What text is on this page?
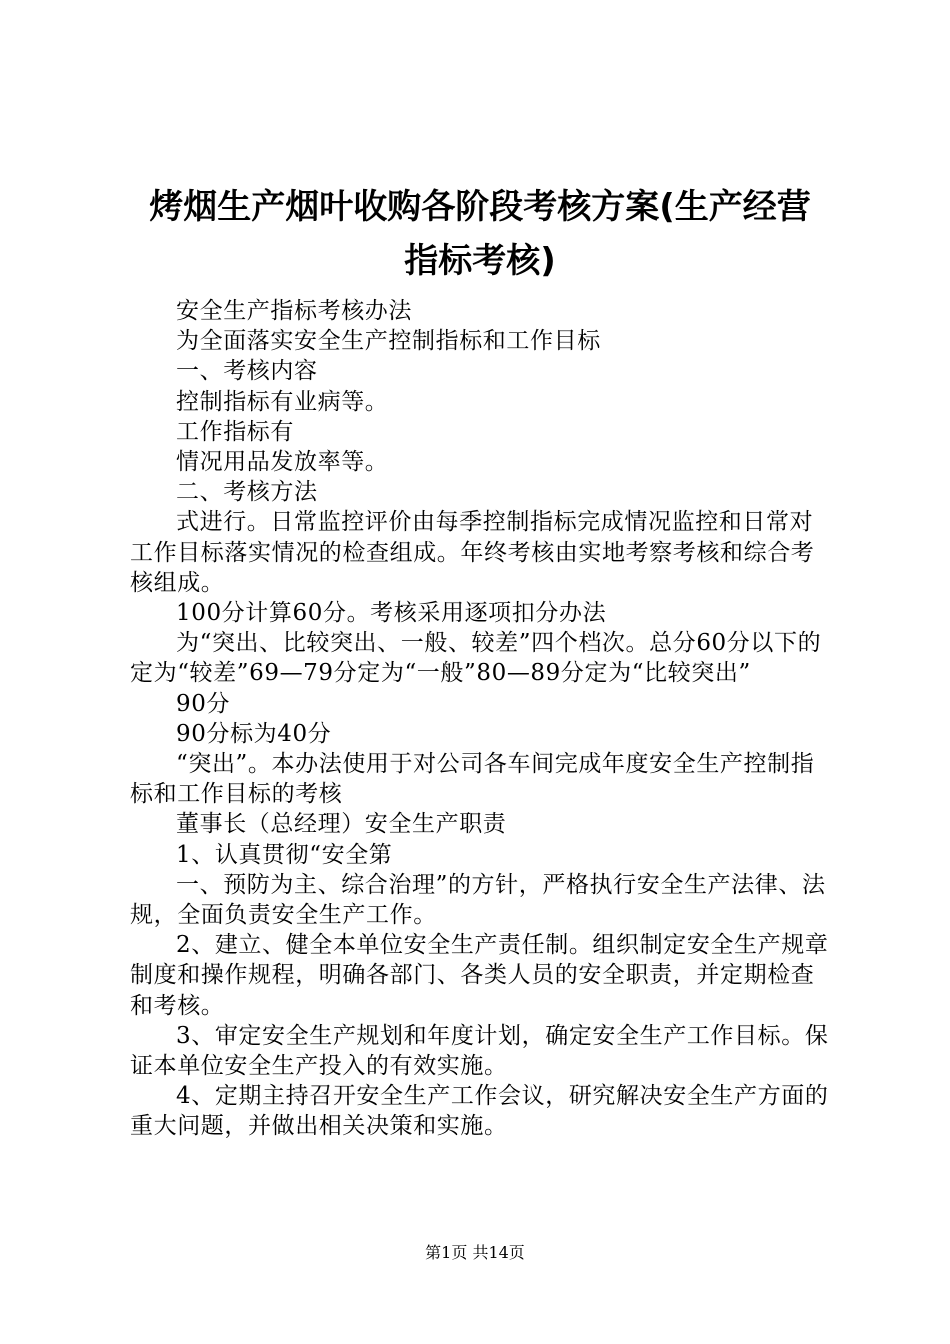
烤烟生产烟叶收购各阶段考核方案(生产经营
指标考核)

安全生产指标考核办法

为全面落实安全生产控制指标和工作目标

一、考核内容

控制指标有业病等。

工作指标有

情况用品发放率等。

二、考核方法

式进行。日常监控评价由每季控制指标完成情况监控和日常对工作目标落实情况的检查组成。年终考核由实地考察考核和综合考核组成。

100分计算60分。考核采用逐项扣分办法

为“突出、比较突出、一般、较差”四个档次。总分60分以下的定为“较差”69—79分定为“一般”80—89分定为“比较突出”

90分

90分标为40分

“突出”。本办法使用于对公司各车间完成年度安全生产控制指标和工作目标的考核

董事长（总经理）安全生产职责

1、认真贯彻“安全第

一、预防为主、综合治理”的方针，严格执行安全生产法律、法规，全面负责安全生产工作。

2、建立、健全本单位安全生产责任制。组织制定安全生产规章制度和操作规程，明确各部门、各类人员的安全职责，并定期检查和考核。

3、审定安全生产规划和年度计划，确定安全生产工作目标。保证本单位安全生产投入的有效实施。

4、定期主持召开安全生产工作会议，研究解决安全生产方面的重大问题，并做出相关决策和实施。

第1页 共14页
